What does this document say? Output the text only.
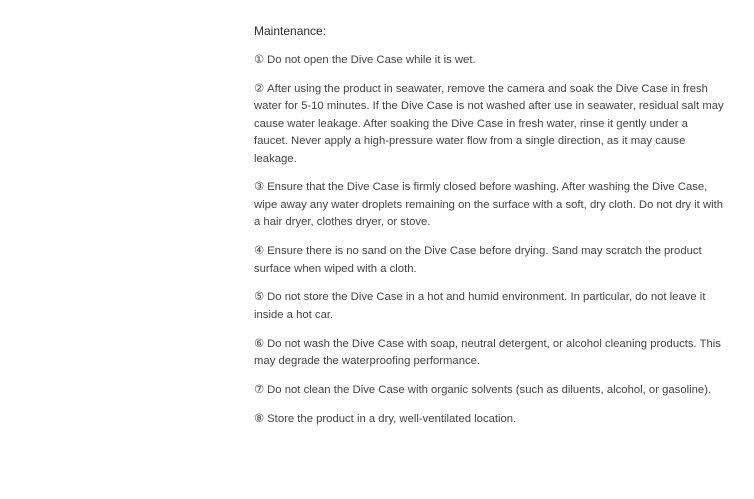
Maintenance:
① Do not open the Dive Case while it is wet.
② After using the product in seawater, remove the camera and soak the Dive Case in fresh water for 5-10 minutes. If the Dive Case is not washed after use in seawater, residual salt may cause water leakage. After soaking the Dive Case in fresh water, rinse it gently under a faucet. Never apply a high-pressure water flow from a single direction, as it may cause leakage.
③ Ensure that the Dive Case is firmly closed before washing. After washing the Dive Case, wipe away any water droplets remaining on the surface with a soft, dry cloth. Do not dry it with a hair dryer, clothes dryer, or stove.
④ Ensure there is no sand on the Dive Case before drying. Sand may scratch the product surface when wiped with a cloth.
⑤ Do not store the Dive Case in a hot and humid environment. In particular, do not leave it inside a hot car.
⑥ Do not wash the Dive Case with soap, neutral detergent, or alcohol cleaning products. This may degrade the waterproofing performance.
⑦ Do not clean the Dive Case with organic solvents (such as diluents, alcohol, or gasoline).
⑧ Store the product in a dry, well-ventilated location.
